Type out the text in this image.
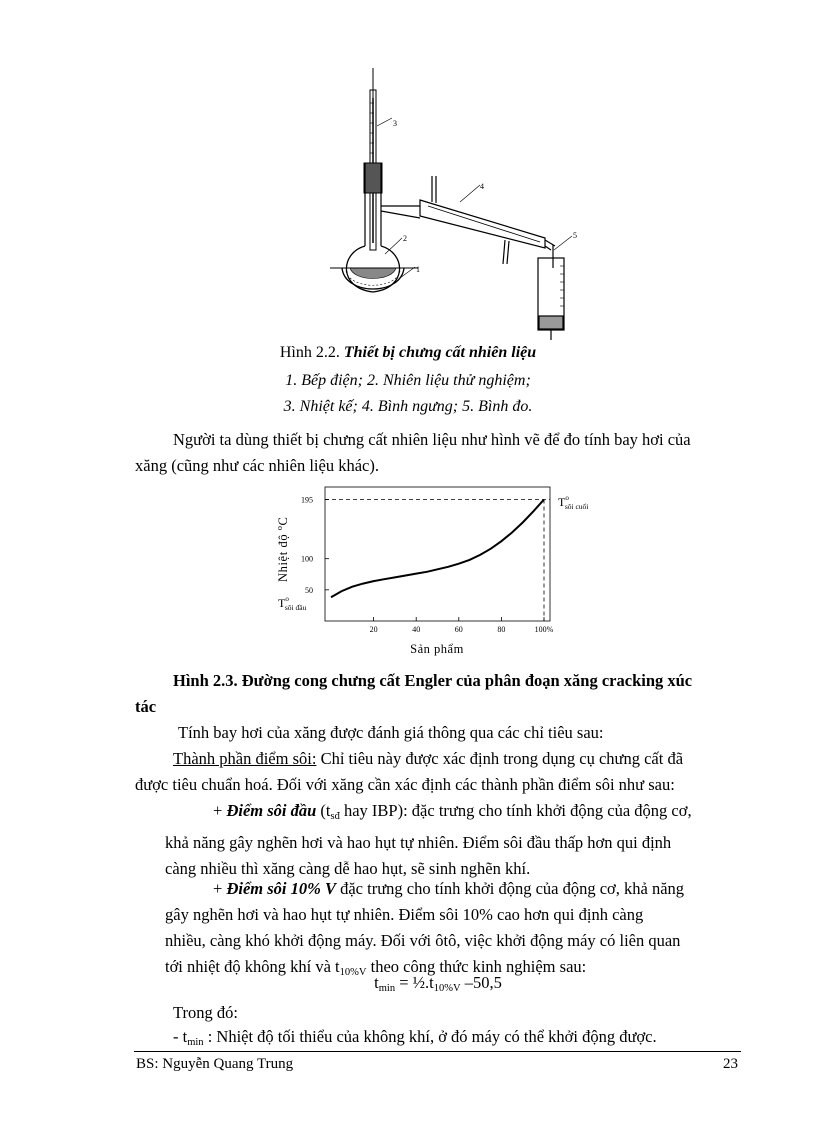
1
2
3
4
5
Hình 2.2. Thiết bị chưng cất nhiên liệu
1. Bếp điện; 2. Nhiên liệu thử nghiệm;
3. Nhiệt kế; 4. Bình ngưng; 5. Bình đo.
Người ta dùng thiết bị chưng cất nhiên liệu như hình vẽ để đo tính bay hơi của
xăng (cũng như các nhiên liệu khác).
20	40	60	80	100%
50
100
195
Nhiệt độ $^o$C
$T^o$ sôi đầu
$T^o$ sôi cuối
Sản phẩm
Hình 2.3. Đường cong chưng cất Engler của phân đoạn xăng cracking xúc
tác
Tính bay hơi của xăng được đánh giá thông qua các chỉ tiêu sau:
Thành phần điểm sôi: Chỉ tiêu này được xác định trong dụng cụ chưng cất đã
được tiêu chuẩn hoá. Đối với xăng cần xác định các thành phần điểm sôi như sau:
+ Điểm sôi đầu ($t_{sđ}$ hay IBP): đặc trưng cho tính khởi động của động cơ,
khả năng gây nghẽn hơi và hao hụt tự nhiên. Điểm sôi đầu thấp hơn qui định
càng nhiều thì xăng càng dễ hao hụt, sẽ sinh nghẽn khí.
+ Điểm sôi 10% V đặc trưng cho tính khởi động của động cơ, khả năng
gây nghẽn hơi và hao hụt tự nhiên. Điểm sôi 10% cao hơn qui định càng
nhiều, càng khó khởi động máy. Đối với ôtô, việc khởi động máy có liên quan
tới nhiệt độ không khí và $t_{10\%V}$ theo công thức kinh nghiệm sau:
$t_{min}$ = $\frac{1}{2}.t_{10\%V}$ –50,5
Trong đó:
- $t_{min}$ : Nhiệt độ tối thiểu của không khí, ở đó máy có thể khởi động được.
BS: Nguyễn Quang Trung	23
